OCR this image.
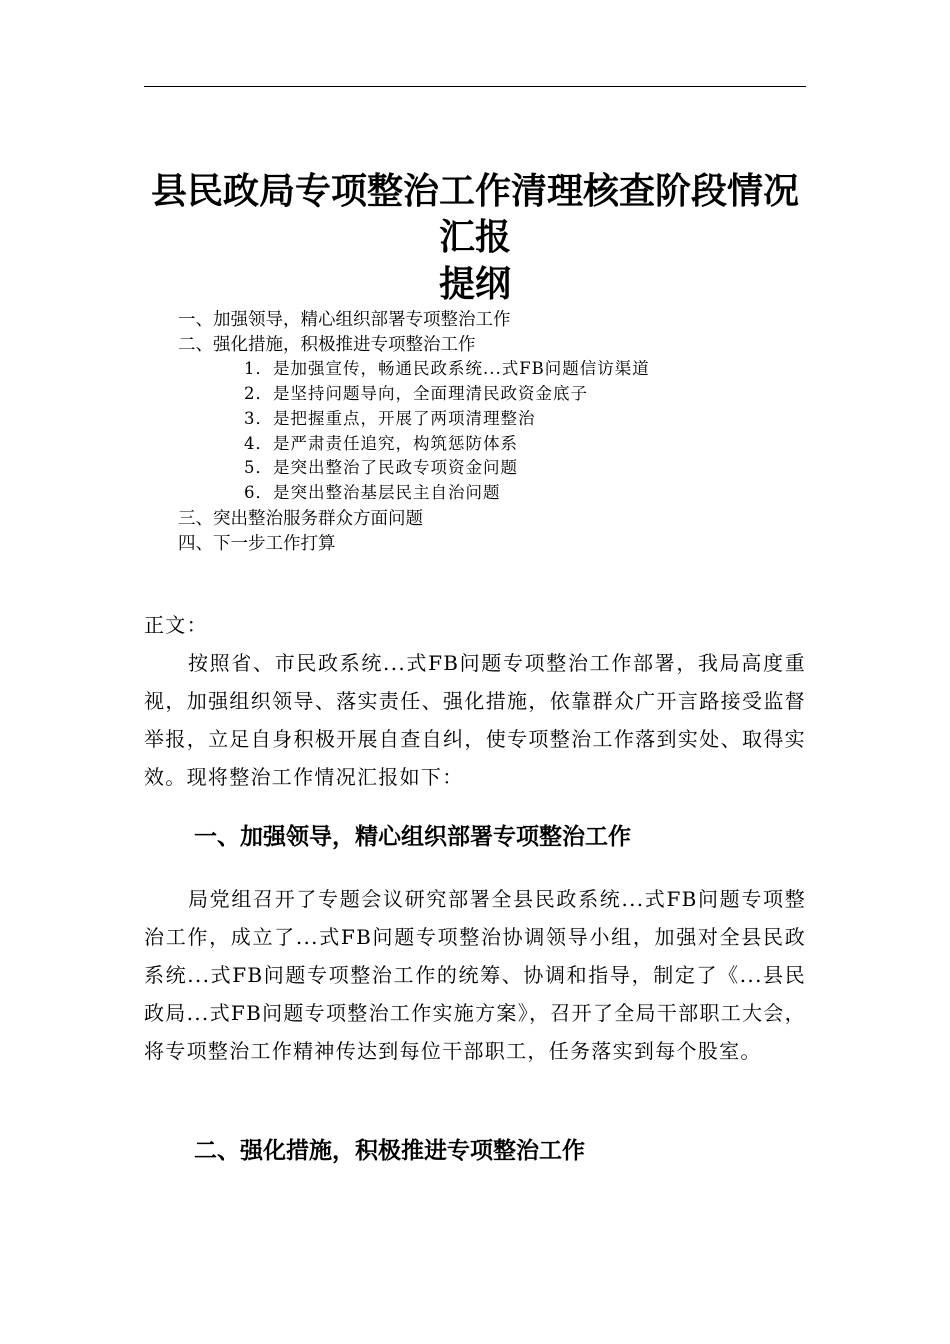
县民政局专项整治工作清理核查阶段情况
汇报
提纲
一、加强领导，精心组织部署专项整治工作
二、强化措施，积极推进专项整治工作
1．是加强宣传，畅通民政系统...式FB问题信访渠道
2．是坚持问题导向，全面理清民政资金底子
3．是把握重点，开展了两项清理整治
4．是严肃责任追究，构筑惩防体系
5．是突出整治了民政专项资金问题
6．是突出整治基层民主自治问题
三、突出整治服务群众方面问题
四、下一步工作打算
正文：
按照省、市民政系统...式FB问题专项整治工作部署，我局高度重视，加强组织领导、落实责任、强化措施，依靠群众广开言路接受监督举报，立足自身积极开展自查自纠，使专项整治工作落到实处、取得实效。现将整治工作情况汇报如下：
一、加强领导，精心组织部署专项整治工作
局党组召开了专题会议研究部署全县民政系统...式FB问题专项整治工作，成立了...式FB问题专项整治协调领导小组，加强对全县民政系统...式FB问题专项整治工作的统筹、协调和指导，制定了《...县民政局...式FB问题专项整治工作实施方案》，召开了全局干部职工大会，将专项整治工作精神传达到每位干部职工，任务落实到每个股室。
二、强化措施，积极推进专项整治工作
